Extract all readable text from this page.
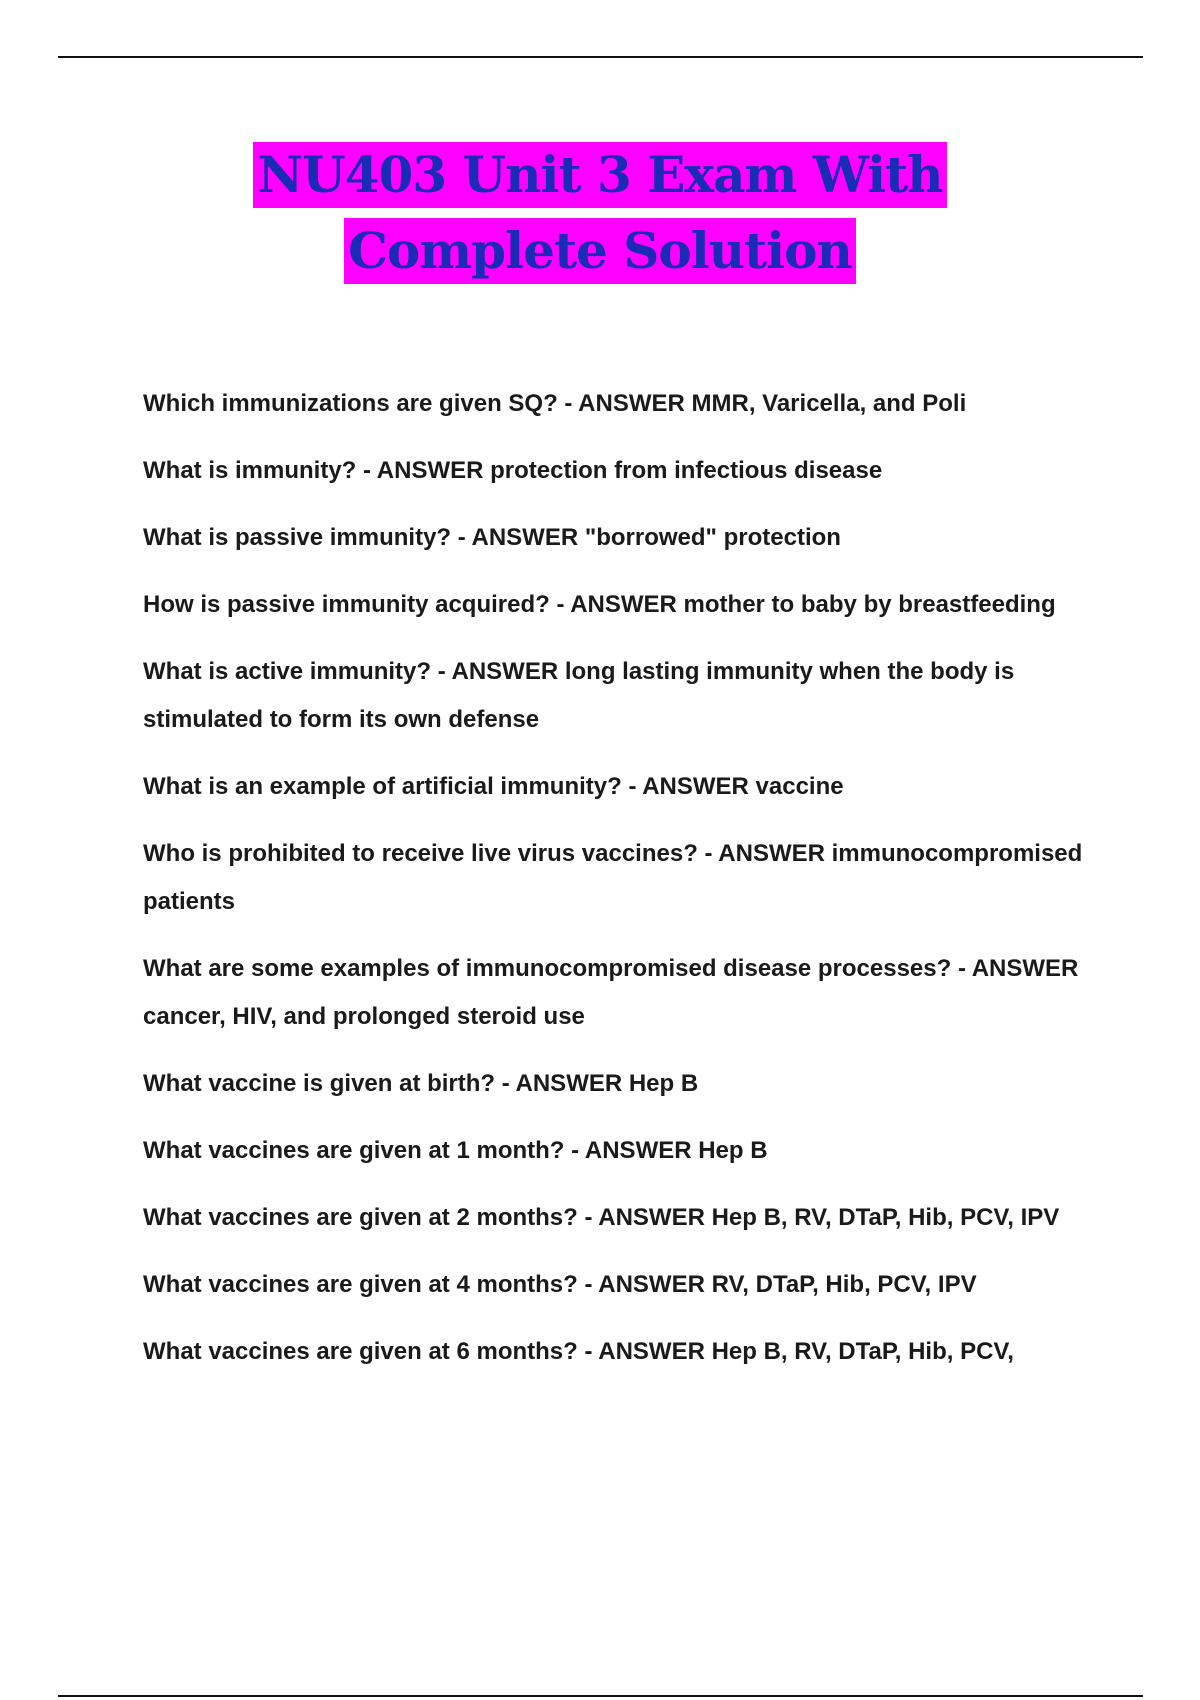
NU403 Unit 3 Exam With
Complete Solution
Which immunizations are given SQ? - ANSWER MMR, Varicella, and Poli
What is immunity? - ANSWER protection from infectious disease
What is passive immunity? - ANSWER "borrowed" protection
How is passive immunity acquired? - ANSWER mother to baby by breastfeeding
What is active immunity? - ANSWER long lasting immunity when the body is stimulated to form its own defense
What is an example of artificial immunity? - ANSWER vaccine
Who is prohibited to receive live virus vaccines? - ANSWER immunocompromised patients
What are some examples of immunocompromised disease processes? - ANSWER cancer, HIV, and prolonged steroid use
What vaccine is given at birth? - ANSWER Hep B
What vaccines are given at 1 month? - ANSWER Hep B
What vaccines are given at 2 months? - ANSWER Hep B, RV, DTaP, Hib, PCV, IPV
What vaccines are given at 4 months? - ANSWER RV, DTaP, Hib, PCV, IPV
What vaccines are given at 6 months? - ANSWER Hep B, RV, DTaP, Hib, PCV,
